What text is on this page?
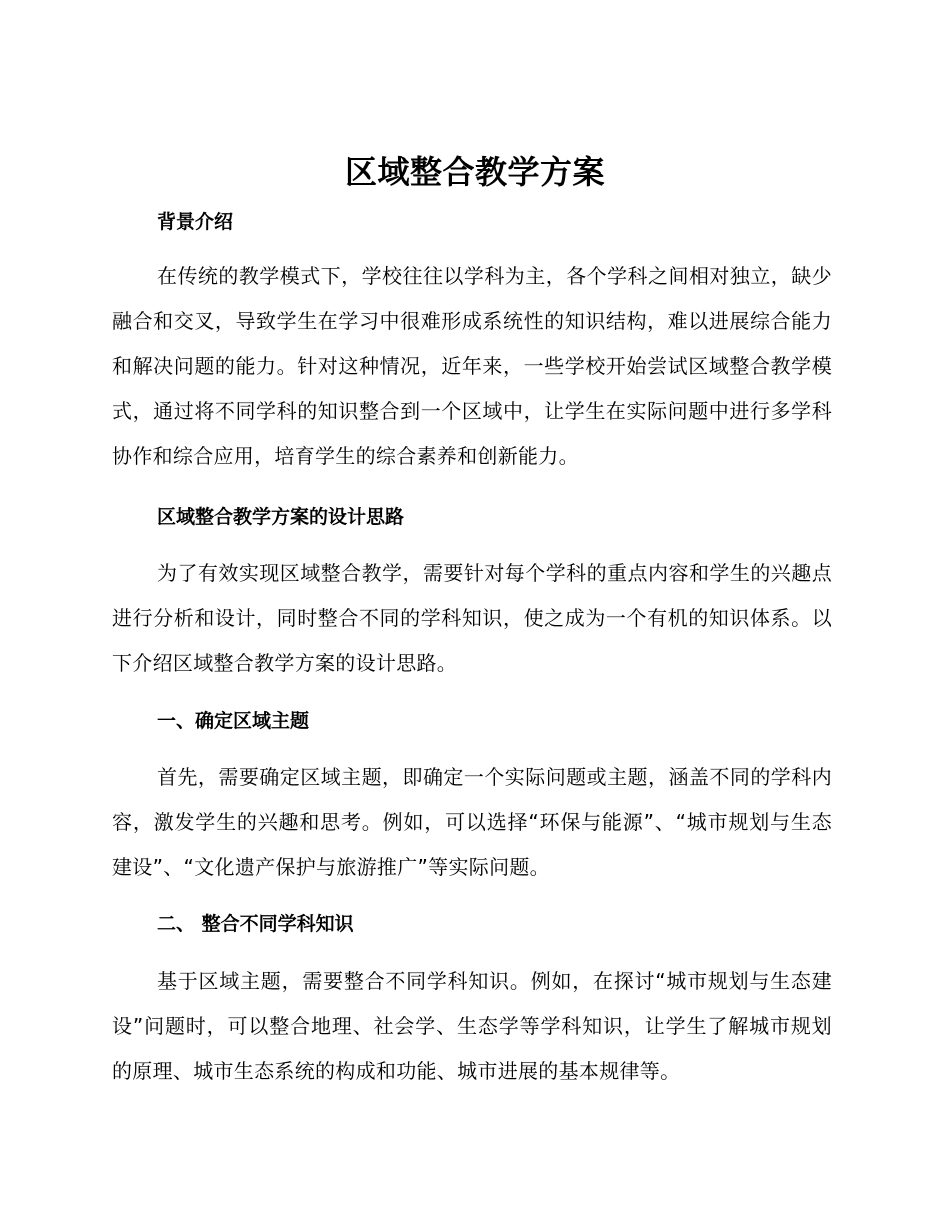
区域整合教学方案
背景介绍

在传统的教学模式下，学校往往以学科为主，各个学科之间相对独立，缺少融合和交叉，导致学生在学习中很难形成系统性的知识结构，难以进展综合能力和解决问题的能力。针对这种情况，近年来，一些学校开始尝试区域整合教学模式，通过将不同学科的知识整合到一个区域中，让学生在实际问题中进行多学科协作和综合应用，培育学生的综合素养和创新能力。

区域整合教学方案的设计思路

为了有效实现区域整合教学，需要针对每个学科的重点内容和学生的兴趣点进行分析和设计，同时整合不同的学科知识，使之成为一个有机的知识体系。以下介绍区域整合教学方案的设计思路。

一、确定区域主题

首先，需要确定区域主题，即确定一个实际问题或主题，涵盖不同的学科内容，激发学生的兴趣和思考。例如，可以选择“环保与能源”、“城市规划与生态建设”、“文化遗产保护与旅游推广”等实际问题。

二、 整合不同学科知识

基于区域主题，需要整合不同学科知识。例如，在探讨“城市规划与生态建设”问题时，可以整合地理、社会学、生态学等学科知识，让学生了解城市规划的原理、城市生态系统的构成和功能、城市进展的基本规律等。
